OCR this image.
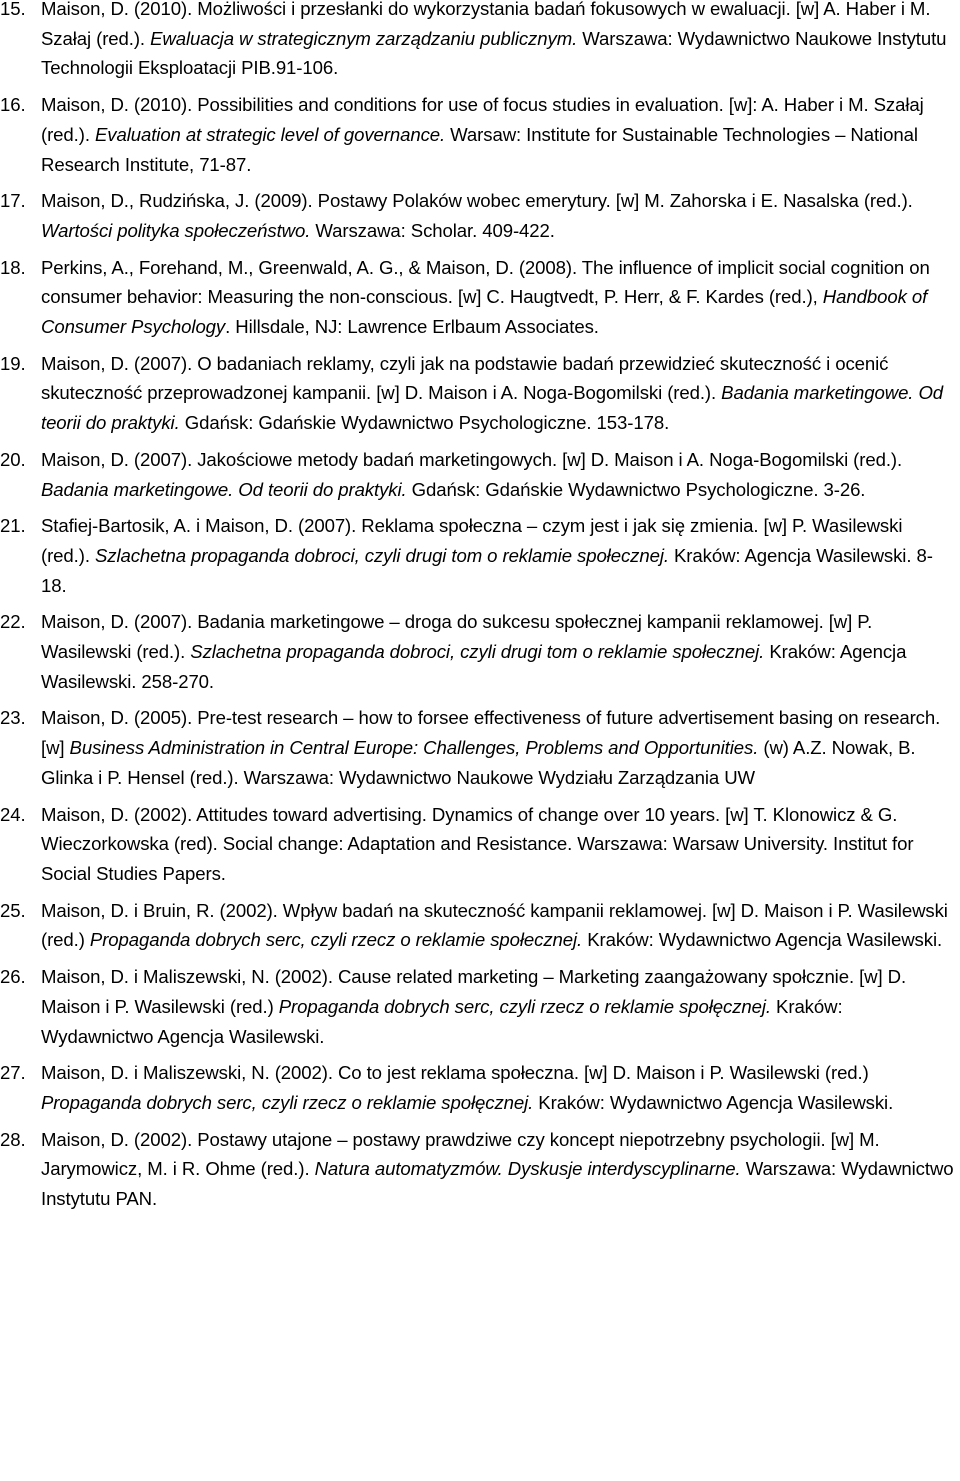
15. Maison, D. (2010). Możliwości i przesłanki do wykorzystania badań fokusowych w ewaluacji. [w] A. Haber i M. Szałaj (red.). Ewaluacja w strategicznym zarządzaniu publicznym. Warszawa: Wydawnictwo Naukowe Instytutu Technologii Eksploatacji PIB.91-106.
16. Maison, D. (2010). Possibilities and conditions for use of focus studies in evaluation. [w]: A. Haber i M. Szałaj (red.). Evaluation at strategic level of governance. Warsaw: Institute for Sustainable Technologies – National Research Institute, 71-87.
17. Maison, D., Rudzińska, J. (2009). Postawy Polaków wobec emerytury. [w] M. Zahorska i E. Nasalska (red.). Wartości polityka społeczeństwo. Warszawa: Scholar. 409-422.
18. Perkins, A., Forehand, M., Greenwald, A. G., & Maison, D. (2008). The influence of implicit social cognition on consumer behavior: Measuring the non-conscious. [w] C. Haugtvedt, P. Herr, & F. Kardes (red.), Handbook of Consumer Psychology. Hillsdale, NJ: Lawrence Erlbaum Associates.
19. Maison, D. (2007). O badaniach reklamy, czyli jak na podstawie badań przewidzieć skuteczność i ocenić skuteczność przeprowadzonej kampanii. [w] D. Maison i A. Noga-Bogomilski (red.). Badania marketingowe. Od teorii do praktyki. Gdańsk: Gdańskie Wydawnictwo Psychologiczne. 153-178.
20. Maison, D. (2007). Jakościowe metody badań marketingowych. [w] D. Maison i A. Noga-Bogomilski (red.). Badania marketingowe. Od teorii do praktyki. Gdańsk: Gdańskie Wydawnictwo Psychologiczne. 3-26.
21. Stafiej-Bartosik, A. i Maison, D. (2007). Reklama społeczna – czym jest i jak się zmienia. [w] P. Wasilewski (red.). Szlachetna propaganda dobroci, czyli drugi tom o reklamie społecznej. Kraków: Agencja Wasilewski. 8-18.
22. Maison, D. (2007). Badania marketingowe – droga do sukcesu społecznej kampanii reklamowej. [w] P. Wasilewski (red.). Szlachetna propaganda dobroci, czyli drugi tom o reklamie społecznej. Kraków: Agencja Wasilewski. 258-270.
23. Maison, D. (2005). Pre-test research – how to forsee effectiveness of future advertisement basing on research. [w] Business Administration in Central Europe: Challenges, Problems and Opportunities. (w) A.Z. Nowak, B. Glinka i P. Hensel (red.). Warszawa: Wydawnictwo Naukowe Wydziału Zarządzania UW
24. Maison, D. (2002). Attitudes toward advertising. Dynamics of change over 10 years. [w] T. Klonowicz & G. Wieczorkowska (red). Social change: Adaptation and Resistance. Warszawa: Warsaw University. Institut for Social Studies Papers.
25. Maison, D. i Bruin, R. (2002). Wpływ badań na skuteczność kampanii reklamowej. [w] D. Maison i P. Wasilewski (red.) Propaganda dobrych serc, czyli rzecz o reklamie społecznej. Kraków: Wydawnictwo Agencja Wasilewski.
26. Maison, D. i Maliszewski, N. (2002). Cause related marketing – Marketing zaangażowany społcznie. [w] D. Maison i P. Wasilewski (red.) Propaganda dobrych serc, czyli rzecz o reklamie społęcznej. Kraków: Wydawnictwo Agencja Wasilewski.
27. Maison, D. i Maliszewski, N. (2002). Co to jest reklama społeczna. [w] D. Maison i P. Wasilewski (red.) Propaganda dobrych serc, czyli rzecz o reklamie społęcznej. Kraków: Wydawnictwo Agencja Wasilewski.
28. Maison, D. (2002). Postawy utajone – postawy prawdziwe czy koncept niepotrzebny psychologii. [w] M. Jarymowicz, M. i R. Ohme (red.). Natura automatyzmów. Dyskusje interdyscyplinarne. Warszawa: Wydawnictwo Instytutu PAN.
